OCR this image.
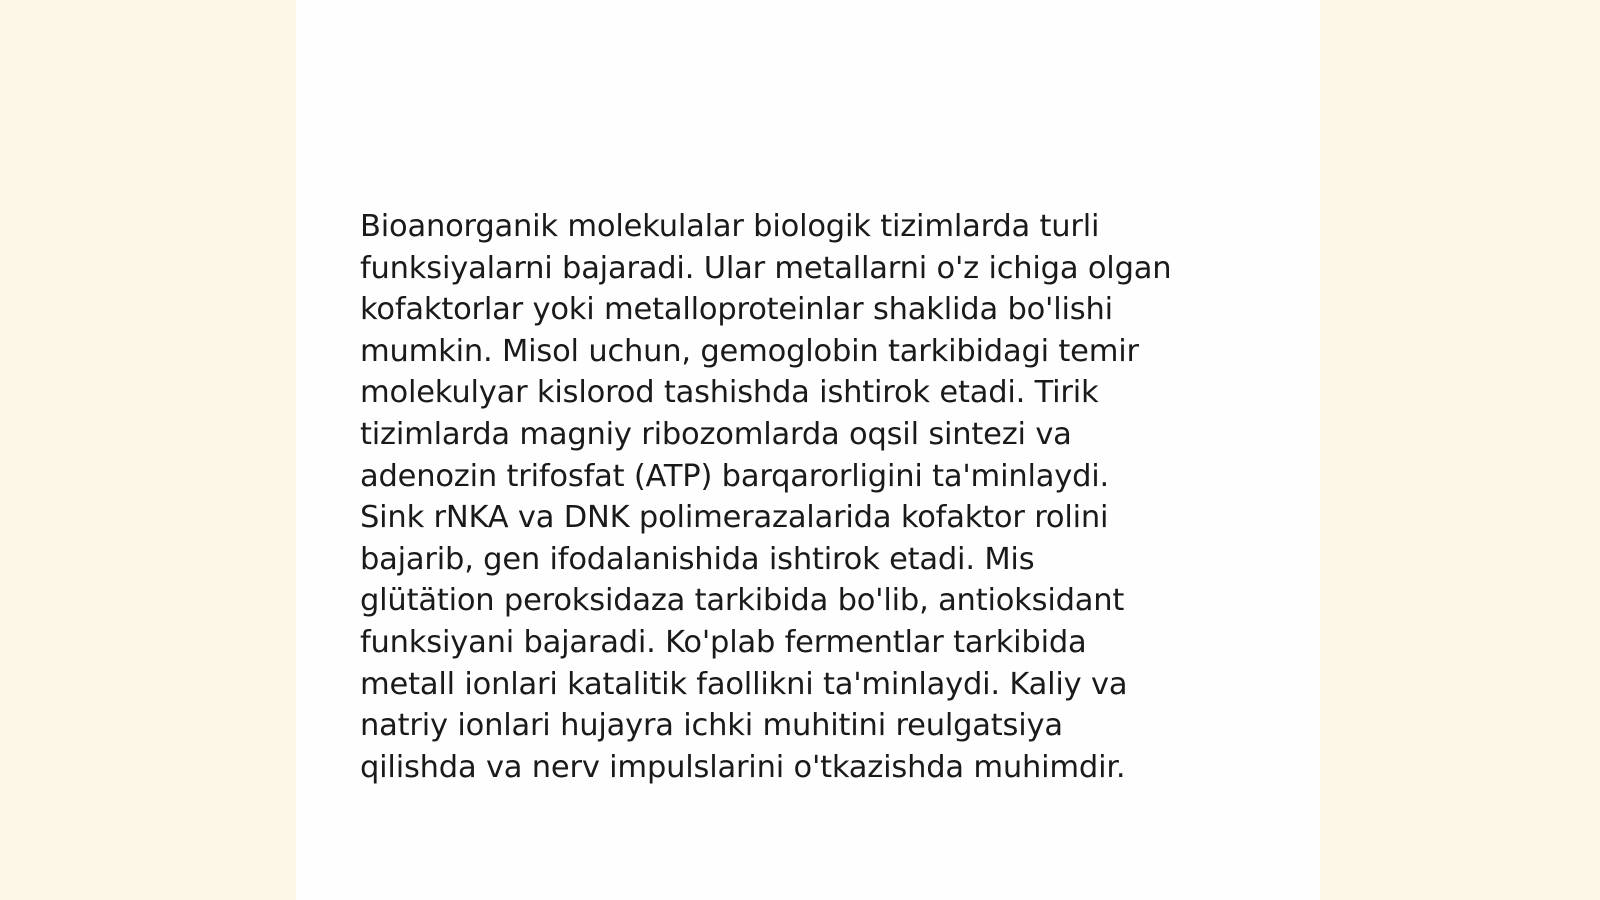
Bioanorganik molekulalar biologik tizimlarda turli
funksiyalarni bajaradi. Ular metallarni o'z ichiga olgan
kofaktorlar yoki metalloproteinlar shaklida bo'lishi
mumkin. Misol uchun, gemoglobin tarkibidagi temir
molekulyar kislorod tashishda ishtirok etadi. Tirik
tizimlarda magniy ribozomlarda oqsil sintezi va
adenozin trifosfat (ATP) barqarorligini ta'minlaydi.
Sink rNKA va DNK polimerazalarida kofaktor rolini
bajarib, gen ifodalanishida ishtirok etadi. Mis
glütätion peroksidaza tarkibida bo'lib, antioksidant
funksiyani bajaradi. Ko'plab fermentlar tarkibida
metall ionlari katalitik faollikni ta'minlaydi. Kaliy va
natriy ionlari hujayra ichki muhitini reulgatsiya
qilishda va nerv impulslarini o'tkazishda muhimdir.
